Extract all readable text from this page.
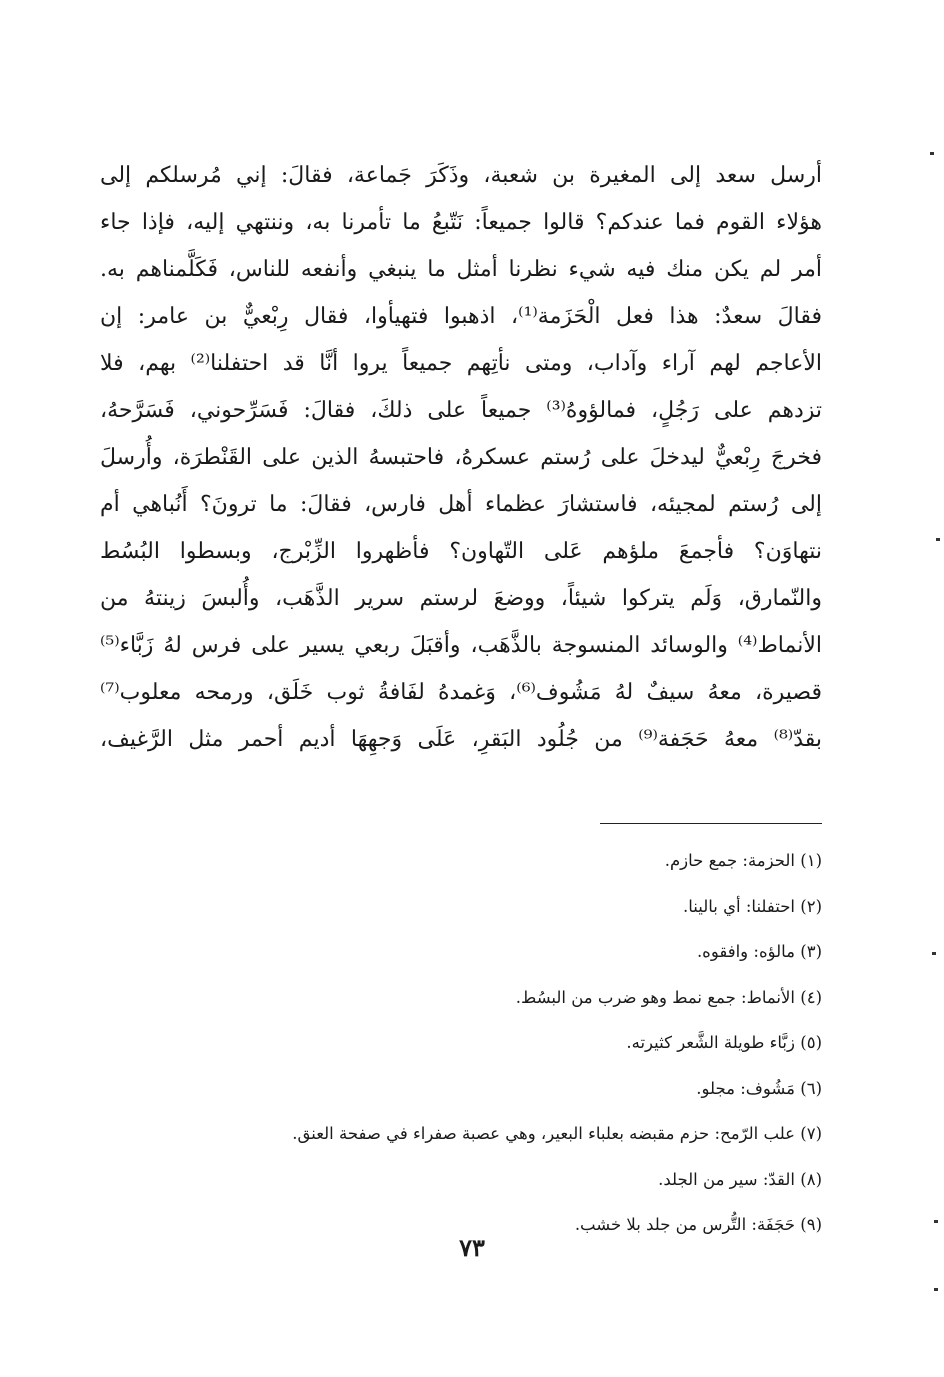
أرسل سعد إلى المغيرة بن شعبة، وذَكَرَ جَماعة، فقالَ: إني مُرسلكم إلى
هؤلاء القوم فما عندكم؟ قالوا جميعاً: نَتّبعُ ما تأمرنا به، وننتهي إليه، فإذا جاء
أمر لم يكن منك فيه شيء نظرنا أمثل ما ينبغي وأنفعه للناس، فَكَلَّمناهم به.
فقالَ سعدٌ: هذا فعل الْحَزَمة⁽¹⁾، اذهبوا فتهيأوا، فقال رِبْعيٌّ بن عامر: إن
الأعاجم لهم آراء وآداب، ومتى نأتِهم جميعاً يروا أنَّا قد احتفلنا⁽²⁾ بهم، فلا
تزدهم على رَجُلٍ، فمالؤوهُ⁽³⁾ جميعاً على ذلكَ، فقالَ: فَسَرِّحوني، فَسَرَّحهُ،
فخرجَ رِبْعيٌّ ليدخلَ على رُستم عسكرهُ، فاحتبسهُ الذين على القَنْطرَة، وأُرسلَ
إلى رُستم لمجيئه، فاستشارَ عظماء أهل فارس، فقالَ: ما ترونَ؟ أَنُباهي أم
نتهاوَن؟ فأجمعَ ملؤهم عَلى التّهاون؟ فأظهروا الزِّبْرج، وبسطوا البُسُط
والنّمارق، وَلَم يتركوا شيئاً، ووضعَ لرستم سرير الذَّهَب، وأُلبسَ زينتهُ من
الأنماط⁽⁴⁾ والوسائد المنسوجة بالذَّهَب، وأقبَلَ ربعي يسير على فرس لهُ زَبَّاء⁽⁵⁾
قصيرة، معهُ سيفٌ لهُ مَشُوف⁽⁶⁾، وَغمدهُ لفَافةُ ثوب خَلَق، ورمحه معلوب⁽⁷⁾
بقدّ⁽⁸⁾ معهُ حَجَفة⁽⁹⁾ من جُلُود البَقرِ، عَلَى وَجهِهَا أديم أحمر مثل الرَّغيف،
(١) الحزمة: جمع حازم.
(٢) احتفلنا: أي بالينا.
(٣) مالؤه: وافقوه.
(٤) الأنماط: جمع نمط وهو ضرب من البسُط.
(٥) زبَّاء طويلة الشَّعر كثيرته.
(٦) مَشُوف: مجلو.
(٧) علب الرّمح: حزم مقبضه بعلباء البعير، وهي عصبة صفراء في صفحة العنق.
(٨) القدّ: سير من الجلد.
(٩) حَجَفَة: التُّرس من جلد بلا خشب.
٧٣
